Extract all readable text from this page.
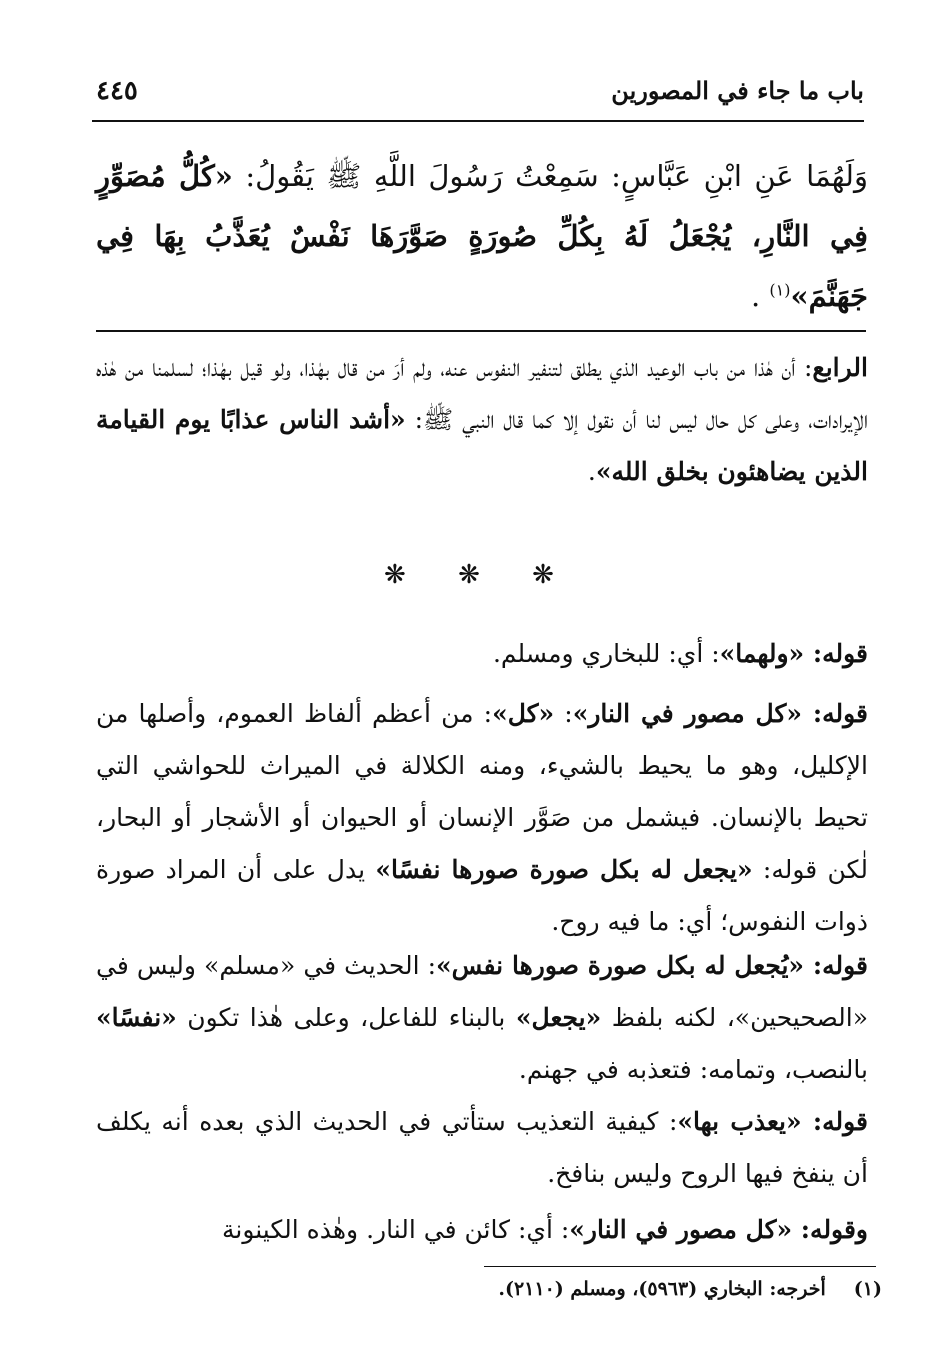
باب ما جاء في المصورين
٤٤٥
وَلَهُمَا عَنِ ابْنِ عَبَّاسٍ: سَمِعْتُ رَسُولَ اللَّهِ ﷺ يَقُولُ: «كُلُّ مُصَوِّرٍ فِي النَّارِ، يُجْعَلُ لَهُ بِكُلِّ صُورَةٍ صَوَّرَهَا نَفْسٌ يُعَذَّبُ بِهَا فِي جَهَنَّمَ»$^{(١)}$ .
الرابع: أن هٰذا من باب الوعيد الذي يطلق لتنفير النفوس عنه، ولم أرَ من قال بهٰذا، ولو قيل بهٰذا؛ لسلمنا من هٰذه الإيرادات، وعلى كل حال ليس لنا أن نقول إلا كما قال النبي ﷺ: «أشد الناس عذابًا يوم القيامة الذين يضاهئون بخلق الله».
❋ ❋ ❋
قوله: «ولهما»: أي: للبخاري ومسلم.
قوله: «كل مصور في النار»: «كل»: من أعظم ألفاظ العموم، وأصلها من الإكليل، وهو ما يحيط بالشيء، ومنه الكلالة في الميراث للحواشي التي تحيط بالإنسان. فيشمل من صَوَّر الإنسان أو الحيوان أو الأشجار أو البحار، لٰكن قوله: «يجعل له بكل صورة صورها نفسًا» يدل على أن المراد صورة ذوات النفوس؛ أي: ما فيه روح.
قوله: «يُجعل له بكل صورة صورها نفس»: الحديث في «مسلم» وليس في «الصحيحين»، لكنه بلفظ «يجعل» بالبناء للفاعل، وعلى هٰذا تكون «نفسًا» بالنصب، وتمامه: فتعذبه في جهنم.
قوله: «يعذب بها»: كيفية التعذيب ستأتي في الحديث الذي بعده أنه يكلف أن ينفخ فيها الروح وليس بنافخ.
وقوله: «كل مصور في النار»: أي: كائن في النار. وهٰذه الكينونة
(١)أخرجه: البخاري (٥٩٦٣)، ومسلم (٢١١٠).
